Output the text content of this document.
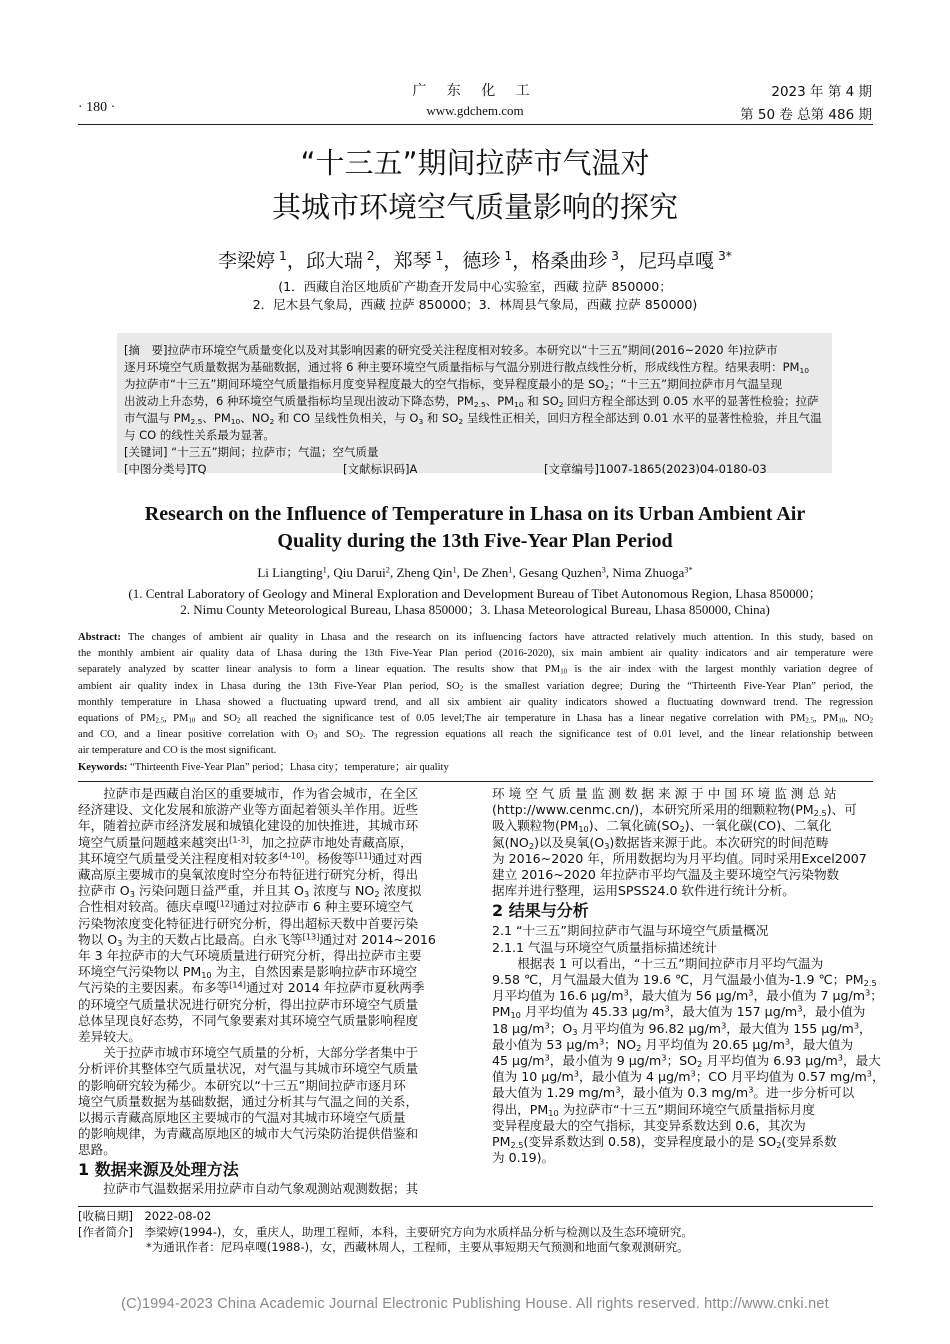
· 180 ·
广 东 化 工
www.gdchem.com
2023 年 第 4 期
第 50 卷 总第 486 期
“十三五”期间拉萨市气温对
其城市环境空气质量影响的探究
李梁婷 $^1$，邱大瑞 $^2$，郑琴 $^1$，德珍 $^1$，格桑曲珍 $^3$，尼玛卓嘎 $^{3*}$
(1．西藏自治区地质矿产勘查开发局中心实验室，西藏 拉萨 850000；
2．尼木县气象局，西藏 拉萨 850000；3．林周县气象局，西藏 拉萨 850000)
[摘　要]拉萨市环境空气质量变化以及对其影响因素的研究受关注程度相对较多。本研究以“十三五”期间(2016~2020 年)拉萨市
逐月环境空气质量数据为基础数据，通过将 6 种主要环境空气质量指标与气温分别进行散点线性分析，形成线性方程。结果表明：$PM_{10}$
为拉萨市“十三五”期间环境空气质量指标月度变异程度最大的空气指标，变异程度最小的是 $SO_2$；“十三五”期间拉萨市月气温呈现
出波动上升态势，6 种环境空气质量指标均呈现出波动下降态势，$PM_{2.5}$、$PM_{10}$ 和 $SO_2$ 回归方程全部达到 0.05 水平的显著性检验；拉萨
市气温与 $PM_{2.5}$、$PM_{10}$、$NO_2$ 和 CO 呈线性负相关，与 $O_3$ 和 $SO_2$ 呈线性正相关，回归方程全部达到 0.01 水平的显著性检验，并且气温
与 CO 的线性关系最为显著。
[关键词] “十三五”期间；拉萨市；气温；空气质量
[中图分类号]TQ	[文献标识码]A	[文章编号]1007-1865(2023)04-0180-03
Research on the Influence of Temperature in Lhasa on its Urban Ambient Air
Quality during the 13th Five-Year Plan Period
Li Liangting$^1$, Qiu Darui$^2$, Zheng Qin$^1$, De Zhen$^1$, Gesang Quzhen$^3$, Nima Zhuoga$^{3*}$
(1. Central Laboratory of Geology and Mineral Exploration and Development Bureau of Tibet Autonomous Region, Lhasa 850000；
2. Nimu County Meteorological Bureau, Lhasa 850000；3. Lhasa Meteorological Bureau, Lhasa 850000, China)
Abstract: The changes of ambient air quality in Lhasa and the research on its influencing factors have attracted relatively much attention. In this study, based on
the monthly ambient air quality data of Lhasa during the 13th Five-Year Plan period (2016-2020), six main ambient air quality indicators and air temperature were
separately analyzed by scatter linear analysis to form a linear equation. The results show that $PM_{10}$ is the air index with the largest monthly variation degree of
ambient air quality index in Lhasa during the 13th Five-Year Plan period, $SO_2$ is the smallest variation degree; During the “Thirteenth Five-Year Plan” period, the
monthly temperature in Lhasa showed a fluctuating upward trend, and all six ambient air quality indicators showed a fluctuating downward trend. The regression
equations of $PM_{2.5}$, $PM_{10}$ and $SO_2$ all reached the significance test of 0.05 level;The air temperature in Lhasa has a linear negative correlation with $PM_{2.5}$, $PM_{10}$, $NO_2$
and CO, and a linear positive correlation with $O_3$ and $SO_2$. The regression equations all reach the significance test of 0.01 level, and the linear relationship between
air temperature and CO is the most significant.
Keywords: “Thirteenth Five-Year Plan” period；Lhasa city；temperature；air quality
　　拉萨市是西藏自治区的重要城市，作为省会城市，在全区
经济建设、文化发展和旅游产业等方面起着领头羊作用。近些
年，随着拉萨市经济发展和城镇化建设的加快推进，其城市环
境空气质量问题越来越突出[1-3]，加之拉萨市地处青藏高原，
其环境空气质量受关注程度相对较多[4-10]。杨俊等[11]通过对西
藏高原主要城市的臭氧浓度时空分布特征进行研究分析，得出
拉萨市 $O_3$ 污染问题日益严重，并且其 $O_3$ 浓度与 $NO_2$ 浓度拟
合性相对较高。德庆卓嘎[12]通过对拉萨市 6 种主要环境空气
污染物浓度变化特征进行研究分析，得出超标天数中首要污染
物以 $O_3$ 为主的天数占比最高。白永飞等[13]通过对 2014~2016
年 3 年拉萨市的大气环境质量进行研究分析，得出拉萨市主要
环境空气污染物以 $PM_{10}$ 为主，自然因素是影响拉萨市环境空
气污染的主要因素。布多等[14]通过对 2014 年拉萨市夏秋两季
的环境空气质量状况进行研究分析，得出拉萨市环境空气质量
总体呈现良好态势，不同气象要素对其环境空气质量影响程度
差异较大。
　　关于拉萨市城市环境空气质量的分析，大部分学者集中于
分析评价其整体空气质量状况，对气温与其城市环境空气质量
的影响研究较为稀少。本研究以“十三五”期间拉萨市逐月环
境空气质量数据为基础数据，通过分析其与气温之间的关系，
以揭示青藏高原地区主要城市的气温对其城市环境空气质量
的影响规律，为青藏高原地区的城市大气污染防治提供借鉴和
思路。
1 数据来源及处理方法
　　拉萨市气温数据采用拉萨市自动气象观测站观测数据；其
环 境 空 气 质 量 监 测 数 据 来 源 于 中 国 环 境 监 测 总 站
(http://www.cenmc.cn/)，本研究所采用的细颗粒物$(PM_{2.5})$、可
吸入颗粒物$(PM_{10})$、二氧化硫$(SO_2)$、一氧化碳(CO)、二氧化
氮$(NO_2)$以及臭氧$(O_3)$数据皆来源于此。本次研究的时间范畴
为 2016~2020 年，所用数据均为月平均值。同时采用Excel2007
建立 2016~2020 年拉萨市平均气温及主要环境空气污染物数
据库并进行整理，运用SPSS24.0 软件进行统计分析。
2 结果与分析
2.1 “十三五”期间拉萨市气温与环境空气质量概况
2.1.1 气温与环境空气质量指标描述统计
　　根据表 1 可以看出，“十三五”期间拉萨市月平均气温为
9.58 ℃，月气温最大值为 19.6 ℃，月气温最小值为-1.9 ℃；$PM_{2.5}$
月平均值为 16.6 $\mu g/m^3$，最大值为 56 $\mu g/m^3$，最小值为 7 $\mu g/m^3$；
$PM_{10}$ 月平均值为 45.33 $\mu g/m^3$，最大值为 157 $\mu g/m^3$，最小值为
18 $\mu g/m^3$；$O_3$ 月平均值为 96.82 $\mu g/m^3$，最大值为 155 $\mu g/m^3$，
最小值为 53 $\mu g/m^3$；$NO_2$ 月平均值为 20.65 $\mu g/m^3$，最大值为
45 $\mu g/m^3$，最小值为 9 $\mu g/m^3$；$SO_2$ 月平均值为 6.93 $\mu g/m^3$，最大
值为 10 $\mu g/m^3$，最小值为 4 $\mu g/m^3$；CO 月平均值为 0.57 $mg/m^3$，
最大值为 1.29 $mg/m^3$，最小值为 0.3 $mg/m^3$。进一步分析可以
得出，$PM_{10}$ 为拉萨市“十三五”期间环境空气质量指标月度
变异程度最大的空气指标，其变异系数达到 0.6，其次为
$PM_{2.5}$(变异系数达到 0.58)，变异程度最小的是 $SO_2$(变异系数
为 0.19)。
[收稿日期]　2022-08-02
[作者简介]　李梁婷(1994-)，女，重庆人，助理工程师，本科，主要研究方向为水质样品分析与检测以及生态环境研究。
*为通讯作者：尼玛卓嘎(1988-)，女，西藏林周人，工程师，主要从事短期天气预测和地面气象观测研究。
(C)1994-2023 China Academic Journal Electronic Publishing House. All rights reserved. http://www.cnki.net
